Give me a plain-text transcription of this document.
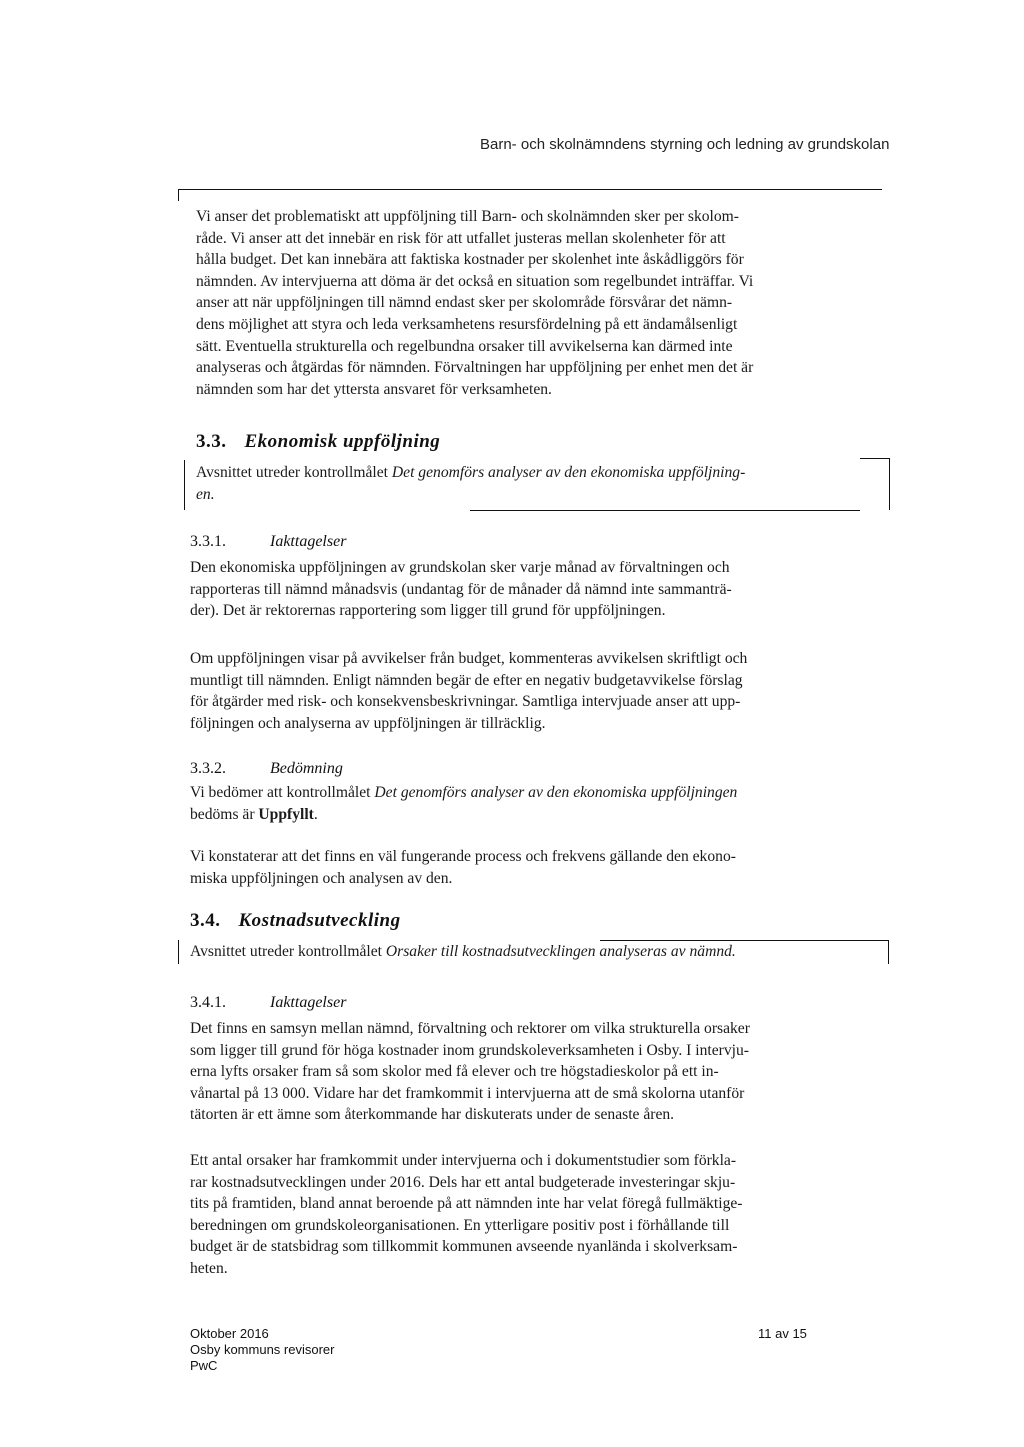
Barn- och skolnämndens styrning och ledning av grundskolan
Vi anser det problematiskt att uppföljning till Barn- och skolnämnden sker per skolom-
råde. Vi anser att det innebär en risk för att utfallet justeras mellan skolenheter för att
hålla budget. Det kan innebära att faktiska kostnader per skolenhet inte åskådliggörs för
nämnden. Av intervjuerna att döma är det också en situation som regelbundet inträffar. Vi
anser att när uppföljningen till nämnd endast sker per skolområde försvårar det nämn-
dens möjlighet att styra och leda verksamhetens resursfördelning på ett ändamålsenligt
sätt. Eventuella strukturella och regelbundna orsaker till avvikelserna kan därmed inte
analyseras och åtgärdas för nämnden. Förvaltningen har uppföljning per enhet men det är
nämnden som har det yttersta ansvaret för verksamheten.
3.3. Ekonomisk uppföljning
Avsnittet utreder kontrollmålet Det genomförs analyser av den ekonomiska uppföljning-
en.
3.3.1.	Iakttagelser
Den ekonomiska uppföljningen av grundskolan sker varje månad av förvaltningen och
rapporteras till nämnd månadsvis (undantag för de månader då nämnd inte sammanträ-
der). Det är rektorernas rapportering som ligger till grund för uppföljningen.
Om uppföljningen visar på avvikelser från budget, kommenteras avvikelsen skriftligt och
muntligt till nämnden. Enligt nämnden begär de efter en negativ budgetavvikelse förslag
för åtgärder med risk- och konsekvensbeskrivningar. Samtliga intervjuade anser att upp-
följningen och analyserna av uppföljningen är tillräcklig.
3.3.2.	Bedömning
Vi bedömer att kontrollmålet Det genomförs analyser av den ekonomiska uppföljningen
bedöms är Uppfyllt.
Vi konstaterar att det finns en väl fungerande process och frekvens gällande den ekono-
miska uppföljningen och analysen av den.
3.4. Kostnadsutveckling
Avsnittet utreder kontrollmålet Orsaker till kostnadsutvecklingen analyseras av nämnd.
3.4.1.	Iakttagelser
Det finns en samsyn mellan nämnd, förvaltning och rektorer om vilka strukturella orsaker
som ligger till grund för höga kostnader inom grundskoleverksamheten i Osby. I intervju-
erna lyfts orsaker fram så som skolor med få elever och tre högstadieskolor på ett in-
vånartal på 13 000. Vidare har det framkommit i intervjuerna att de små skolorna utanför
tätorten är ett ämne som återkommande har diskuterats under de senaste åren.
Ett antal orsaker har framkommit under intervjuerna och i dokumentstudier som förkla-
rar kostnadsutvecklingen under 2016. Dels har ett antal budgeterade investeringar skju-
tits på framtiden, bland annat beroende på att nämnden inte har velat föregå fullmäktige-
beredningen om grundskoleorganisationen. En ytterligare positiv post i förhållande till
budget är de statsbidrag som tillkommit kommunen avseende nyanlända i skolverksam-
heten.
Oktober 2016
Osby kommuns revisorer
PwC
11 av 15
